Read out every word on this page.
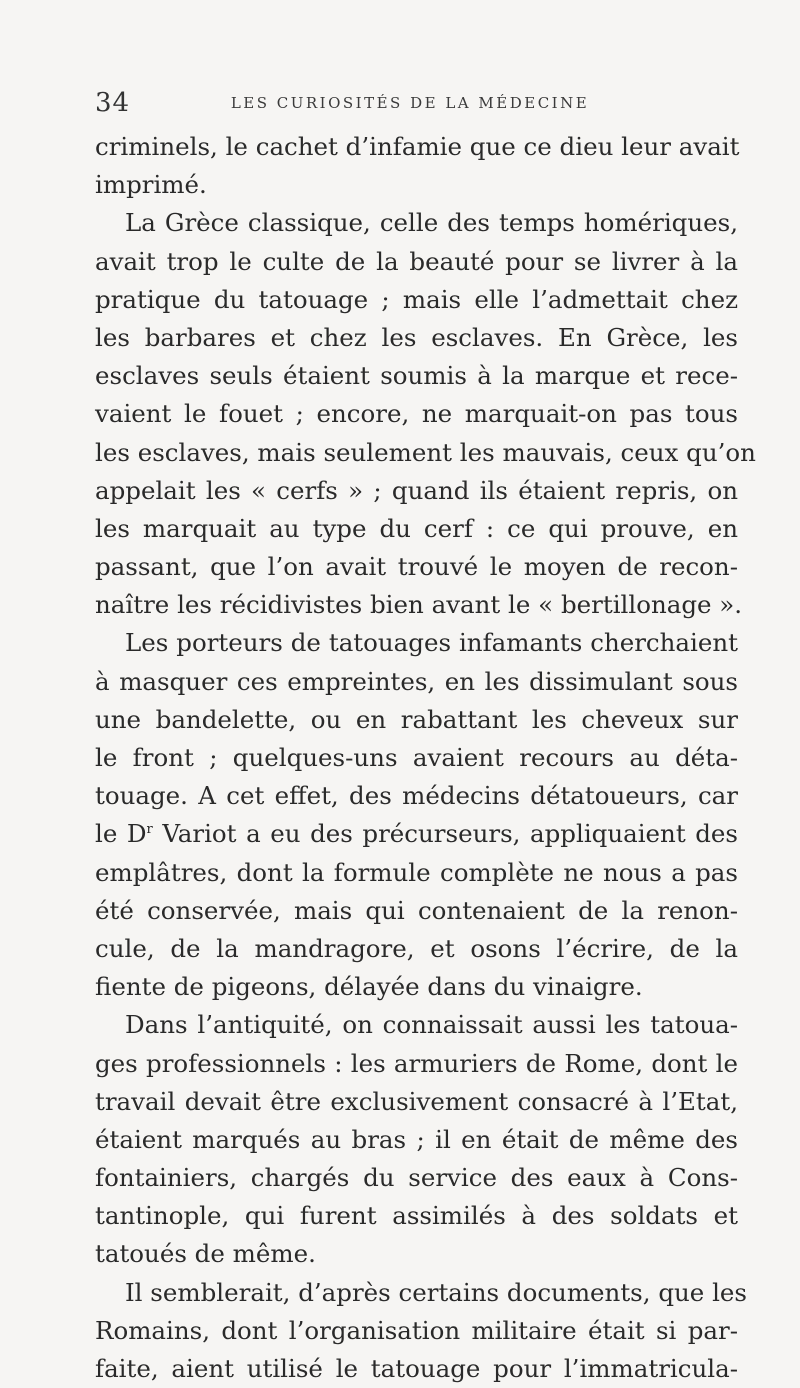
34	LES CURIOSITÉS DE LA MÉDECINE
criminels, le cachet d’infamie que ce dieu leur avait
imprimé.
La Grèce classique, celle des temps homériques,
avait trop le culte de la beauté pour se livrer à la
pratique du tatouage ; mais elle l’admettait chez
les barbares et chez les esclaves. En Grèce, les
esclaves seuls étaient soumis à la marque et rece-
vaient le fouet ; encore, ne marquait-on pas tous
les esclaves, mais seulement les mauvais, ceux qu’on
appelait les « cerfs » ; quand ils étaient repris, on
les marquait au type du cerf : ce qui prouve, en
passant, que l’on avait trouvé le moyen de recon-
naître les récidivistes bien avant le « bertillonage ».
Les porteurs de tatouages infamants cherchaient
à masquer ces empreintes, en les dissimulant sous
une bandelette, ou en rabattant les cheveux sur
le front ; quelques-uns avaient recours au déta-
touage. A cet effet, des médecins détatoueurs, car
le $D^r$ Variot a eu des précurseurs, appliquaient des
emplâtres, dont la formule complète ne nous a pas
été conservée, mais qui contenaient de la renon-
cule, de la mandragore, et osons l’écrire, de la
fiente de pigeons, délayée dans du vinaigre.
Dans l’antiquité, on connaissait aussi les tatoua-
ges professionnels : les armuriers de Rome, dont le
travail devait être exclusivement consacré à l’Etat,
étaient marqués au bras ; il en était de même des
fontainiers, chargés du service des eaux à Cons-
tantinople, qui furent assimilés à des soldats et
tatoués de même.
Il semblerait, d’après certains documents, que les
Romains, dont l’organisation militaire était si par-
faite, aient utilisé le tatouage pour l’immatricula-
